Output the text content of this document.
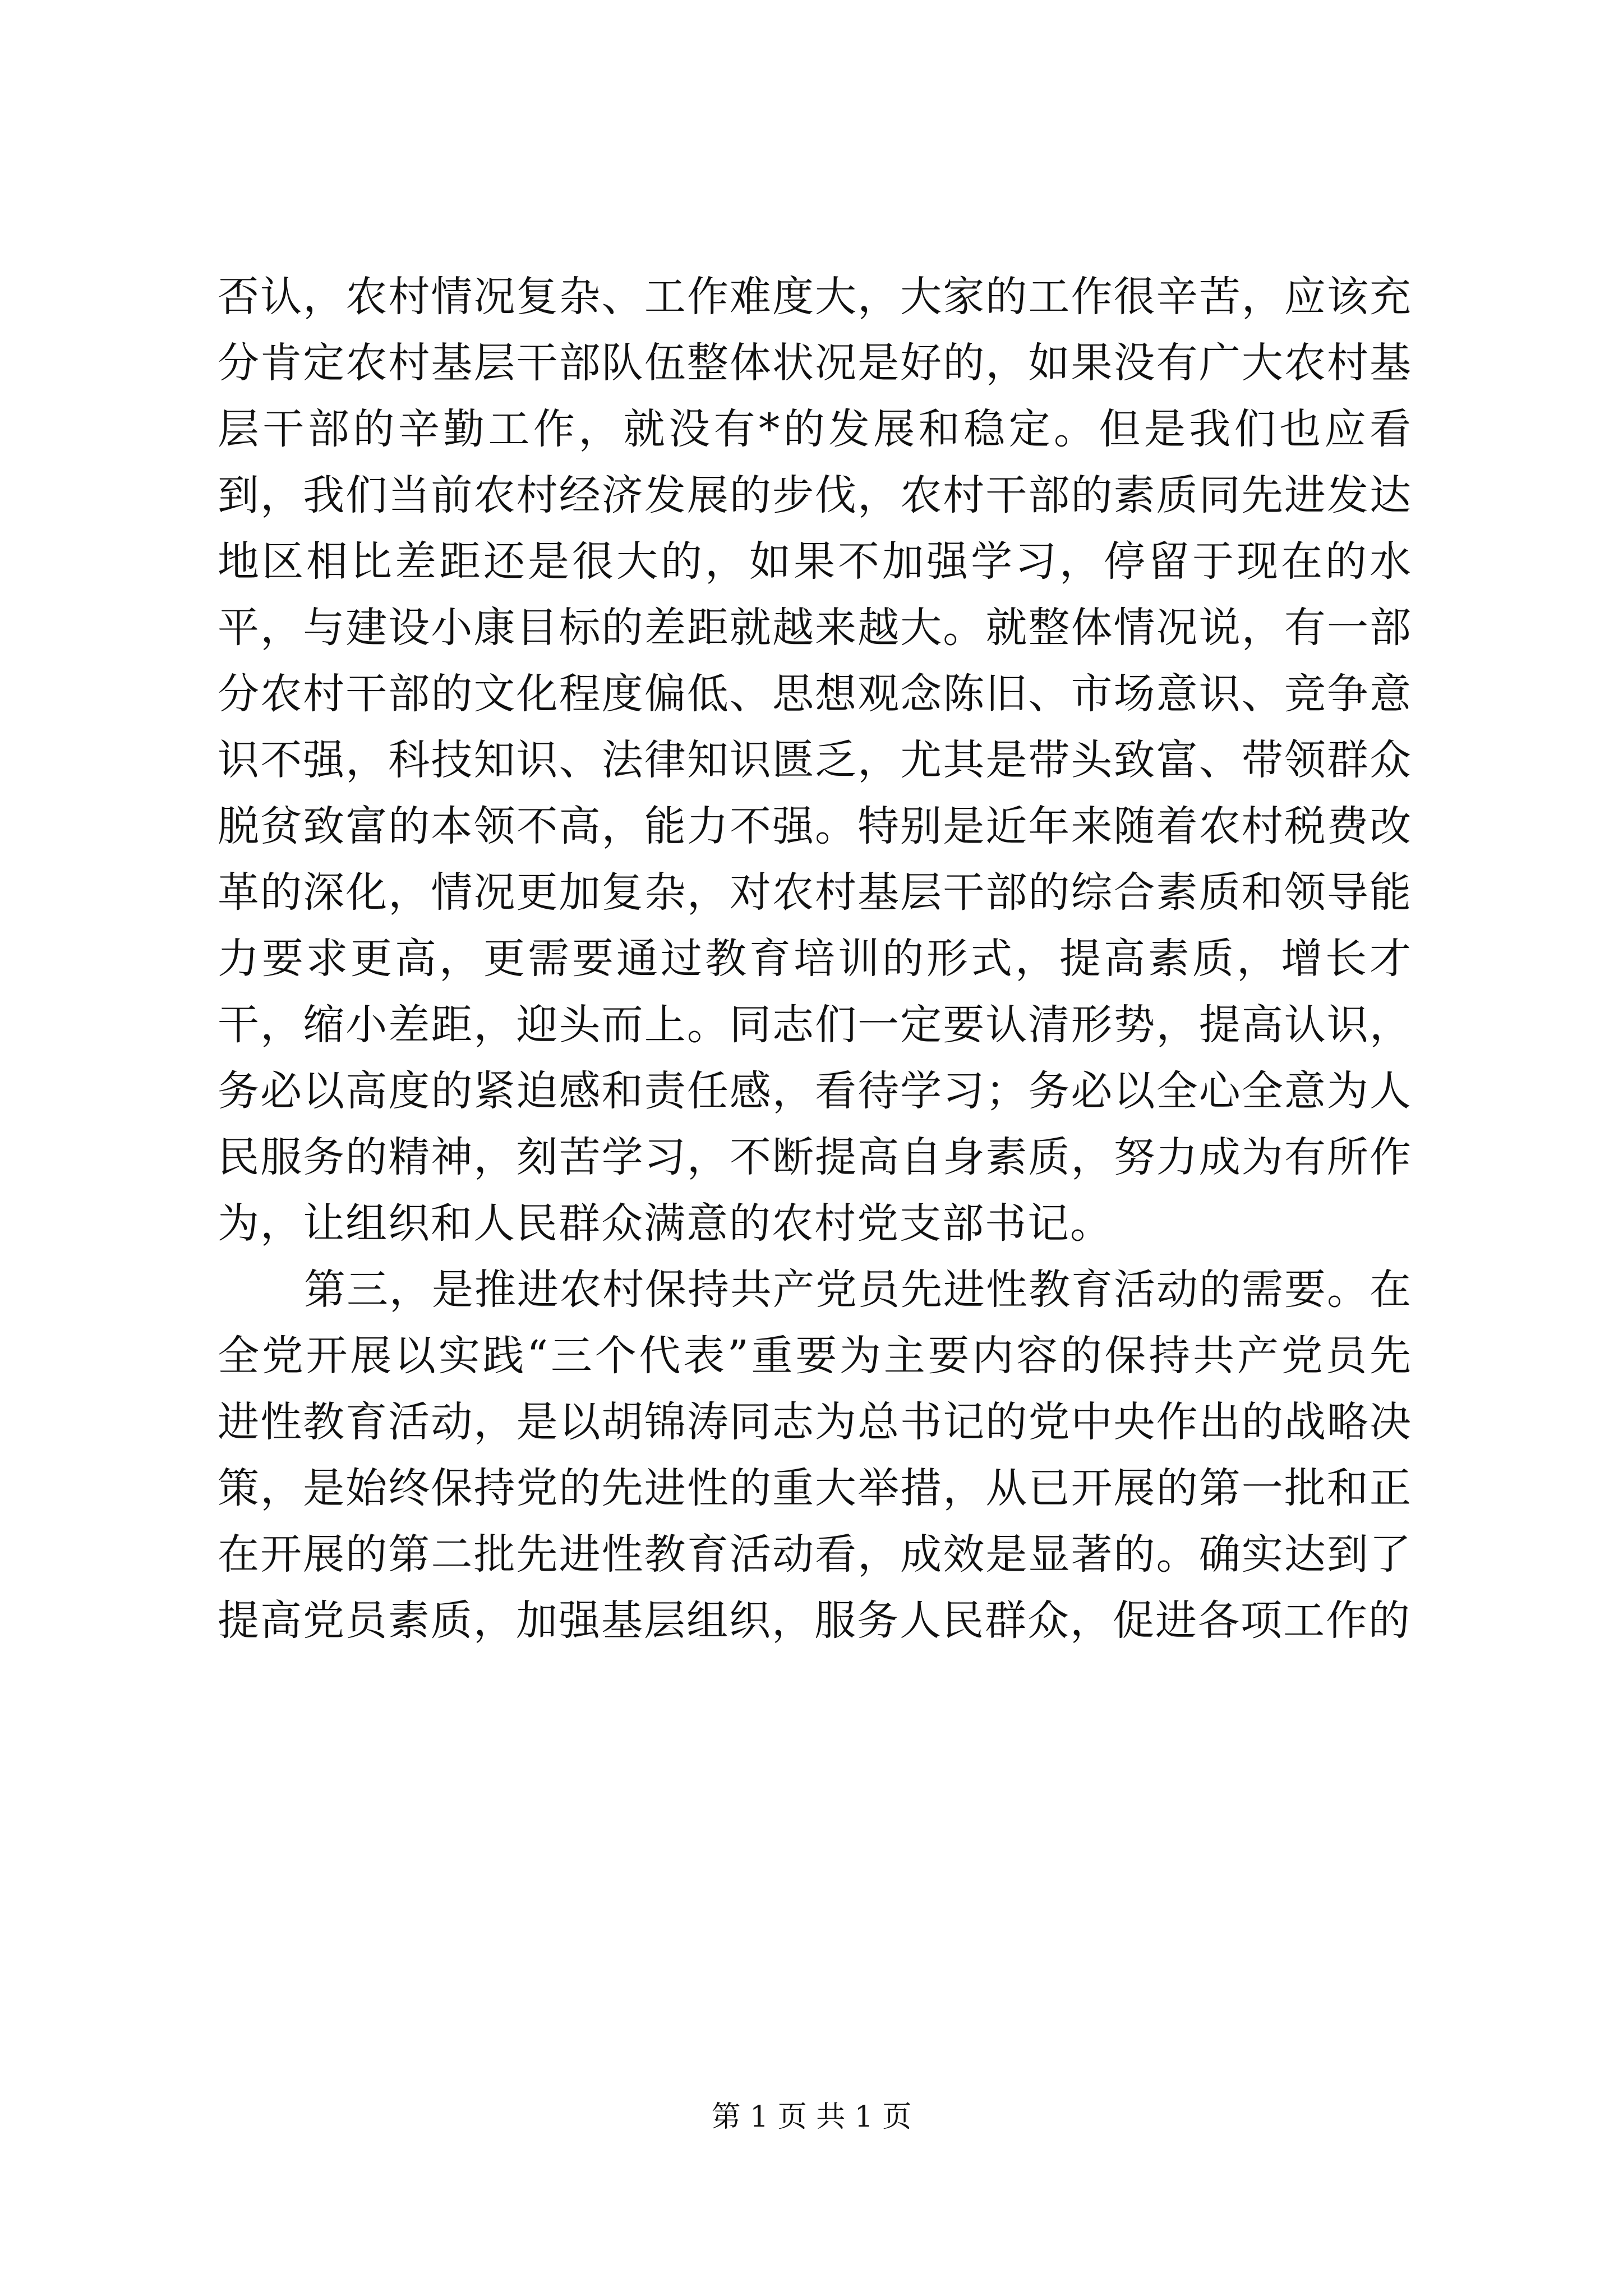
否认，农村情况复杂、工作难度大，大家的工作很辛苦，应该充分肯定农村基层干部队伍整体状况是好的，如果没有广大农村基层干部的辛勤工作，就没有*的发展和稳定。但是我们也应看到，我们当前农村经济发展的步伐，农村干部的素质同先进发达地区相比差距还是很大的，如果不加强学习，停留于现在的水平，与建设小康目标的差距就越来越大。就整体情况说，有一部分农村干部的文化程度偏低、思想观念陈旧、市场意识、竞争意识不强，科技知识、法律知识匮乏，尤其是带头致富、带领群众脱贫致富的本领不高，能力不强。特别是近年来随着农村税费改革的深化，情况更加复杂，对农村基层干部的综合素质和领导能力要求更高，更需要通过教育培训的形式，提高素质，增长才干，缩小差距，迎头而上。同志们一定要认清形势，提高认识，务必以高度的紧迫感和责任感，看待学习；务必以全心全意为人民服务的精神，刻苦学习，不断提高自身素质，努力成为有所作为，让组织和人民群众满意的农村党支部书记。

第三，是推进农村保持共产党员先进性教育活动的需要。在全党开展以实践“三个代表”重要为主要内容的保持共产党员先进性教育活动，是以胡锦涛同志为总书记的党中央作出的战略决策，是始终保持党的先进性的重大举措，从已开展的第一批和正在开展的第二批先进性教育活动看，成效是显著的。确实达到了提高党员素质，加强基层组织，服务人民群众，促进各项工作的

第 1 页 共 1 页
